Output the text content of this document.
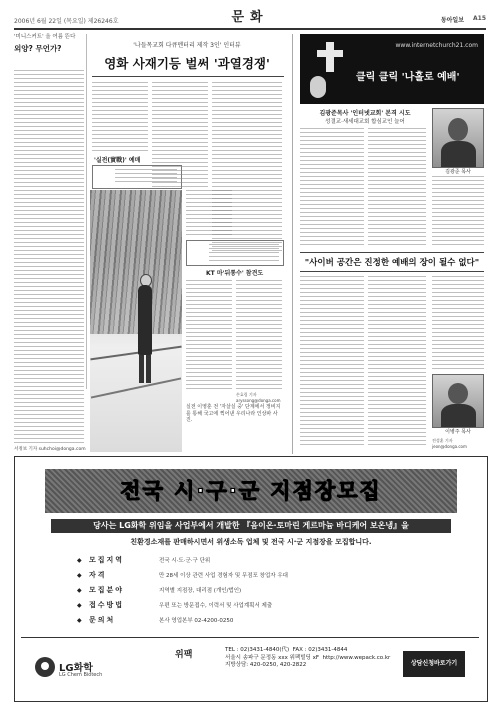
2006년 6월 22일 (목요일) 제26246호	동아일보 A15
문화
'미니스커트' 올 여름 뜬다
외양? 무언가?
서정보 기자 suhchoi@donga.com
'나들목교회 다큐멘터리 제작 3인' 인터뷰
영화 사재기등 벌써 '과열경쟁'
'실전(實戰)' 예매
KT 마'뒤통수' 참견도
손효림 기자 aryssong@donga.com
실전 이영훈 전 '자살실 중' 단계에서 정비지를 통해 국고에 찍어낸 우리나라 인상파 사진.
www.internetchurch21.com
클릭 클릭 '나홀로 예배'
김광준목사 '인터넷교회' 본격 시도
성결교·새세대교회 합심교인 늘어
김광준 목사
"사이버 공간은 진정한 예배의 장이 될수 없다"
이병주 목사
전성훈 기자 jeon@donga.com
전국 시·구·군 지점장모집
당사는 LG화학 위임을 사업부에서 개발한 『음이온·토마린 게르마늄 바디케어 보온냉』을
친환경소재를 판매하시면서 위생소독 업체 및 전국 시·군 지점장을 모집합니다.
◆ 모집지역	전국 시·도·군·구 단위
◆ 자격	만 28세 이상 관련 사업 경험자 및 무점포 창업자 우대
◆ 모집분야	지역별 지점장, 대리점 (개인/법인)
◆ 접수방법	우편 또는 방문접수, 이력서 및 사업계획서 제출
◆ 문의처	본사 영업본부 02-4200-0250
LG화학
LG Chem Biotech
위팩	TEL : 02)3431-4840(代)  FAX : 02)3431-4844
서울시 송파구 문정동 xxx 위팩빌딩 xF  http://www.wepack.co.kr
지방상담: 420-0250, 420-2822	상담신청바로가기
